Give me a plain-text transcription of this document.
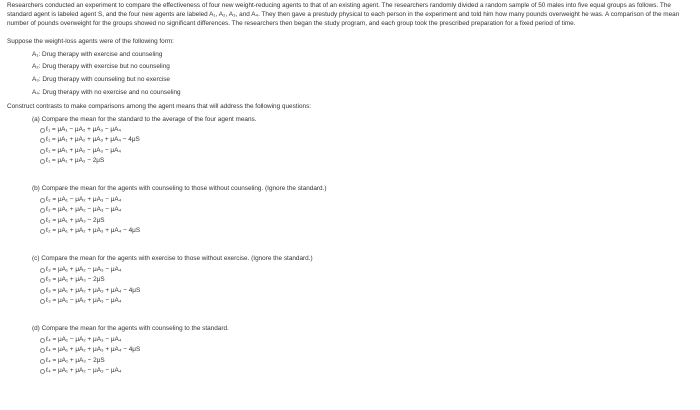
Researchers conducted an experiment to compare the effectiveness of four new weight-reducing agents to that of an existing agent. The researchers randomly divided a random sample of 50 males into five equal groups as follows. The standard agent is labeled agent S, and the four new agents are labeled A₁, A₂, A₃, and A₄. They then gave a prestudy physical to each person in the experiment and told him how many pounds overweight he was. A comparison of the mean number of pounds overweight for the groups showed no significant differences. The researchers then began the study program, and each group took the prescribed preparation for a fixed period of time.

Suppose the weight-loss agents were of the following form:

A₁: Drug therapy with exercise and counseling
A₂: Drug therapy with exercise but no counseling
A₃: Drug therapy with counseling but no exercise
A₄: Drug therapy with no exercise and no counseling

Construct contrasts to make comparisons among the agent means that will address the following questions:

(a) Compare the mean for the standard to the average of the four agent means.
ℓ₁ = μA₁ − μA₂ + μA₃ − μA₄
ℓ₁ = μA₁ + μA₂ + μA₃ + μA₄ − 4μS
ℓ₁ = μA₁ + μA₂ − μA₃ − μA₄
ℓ₁ = μA₁ + μA₃ − 2μS
(b) Compare the mean for the agents with counseling to those without counseling. (Ignore the standard.)
ℓ₂ = μA₁ − μA₂ + μA₃ − μA₄
ℓ₂ = μA₁ + μA₂ − μA₃ − μA₄
ℓ₂ = μA₁ + μA₃ − 2μS
ℓ₂ = μA₁ + μA₂ + μA₃ + μA₄ − 4μS
(c) Compare the mean for the agents with exercise to those without exercise. (Ignore the standard.)
ℓ₃ = μA₁ + μA₂ − μA₃ − μA₄
ℓ₃ = μA₁ + μA₃ − 2μS
ℓ₃ = μA₁ + μA₂ + μA₃ + μA₄ − 4μS
ℓ₃ = μA₁ − μA₂ + μA₃ − μA₄
(d) Compare the mean for the agents with counseling to the standard.
ℓ₄ = μA₁ − μA₂ + μA₃ − μA₄
ℓ₄ = μA₁ + μA₂ + μA₃ + μA₄ − 4μS
ℓ₄ = μA₁ + μA₃ − 2μS
ℓ₄ = μA₁ + μA₂ − μA₃ − μA₄
